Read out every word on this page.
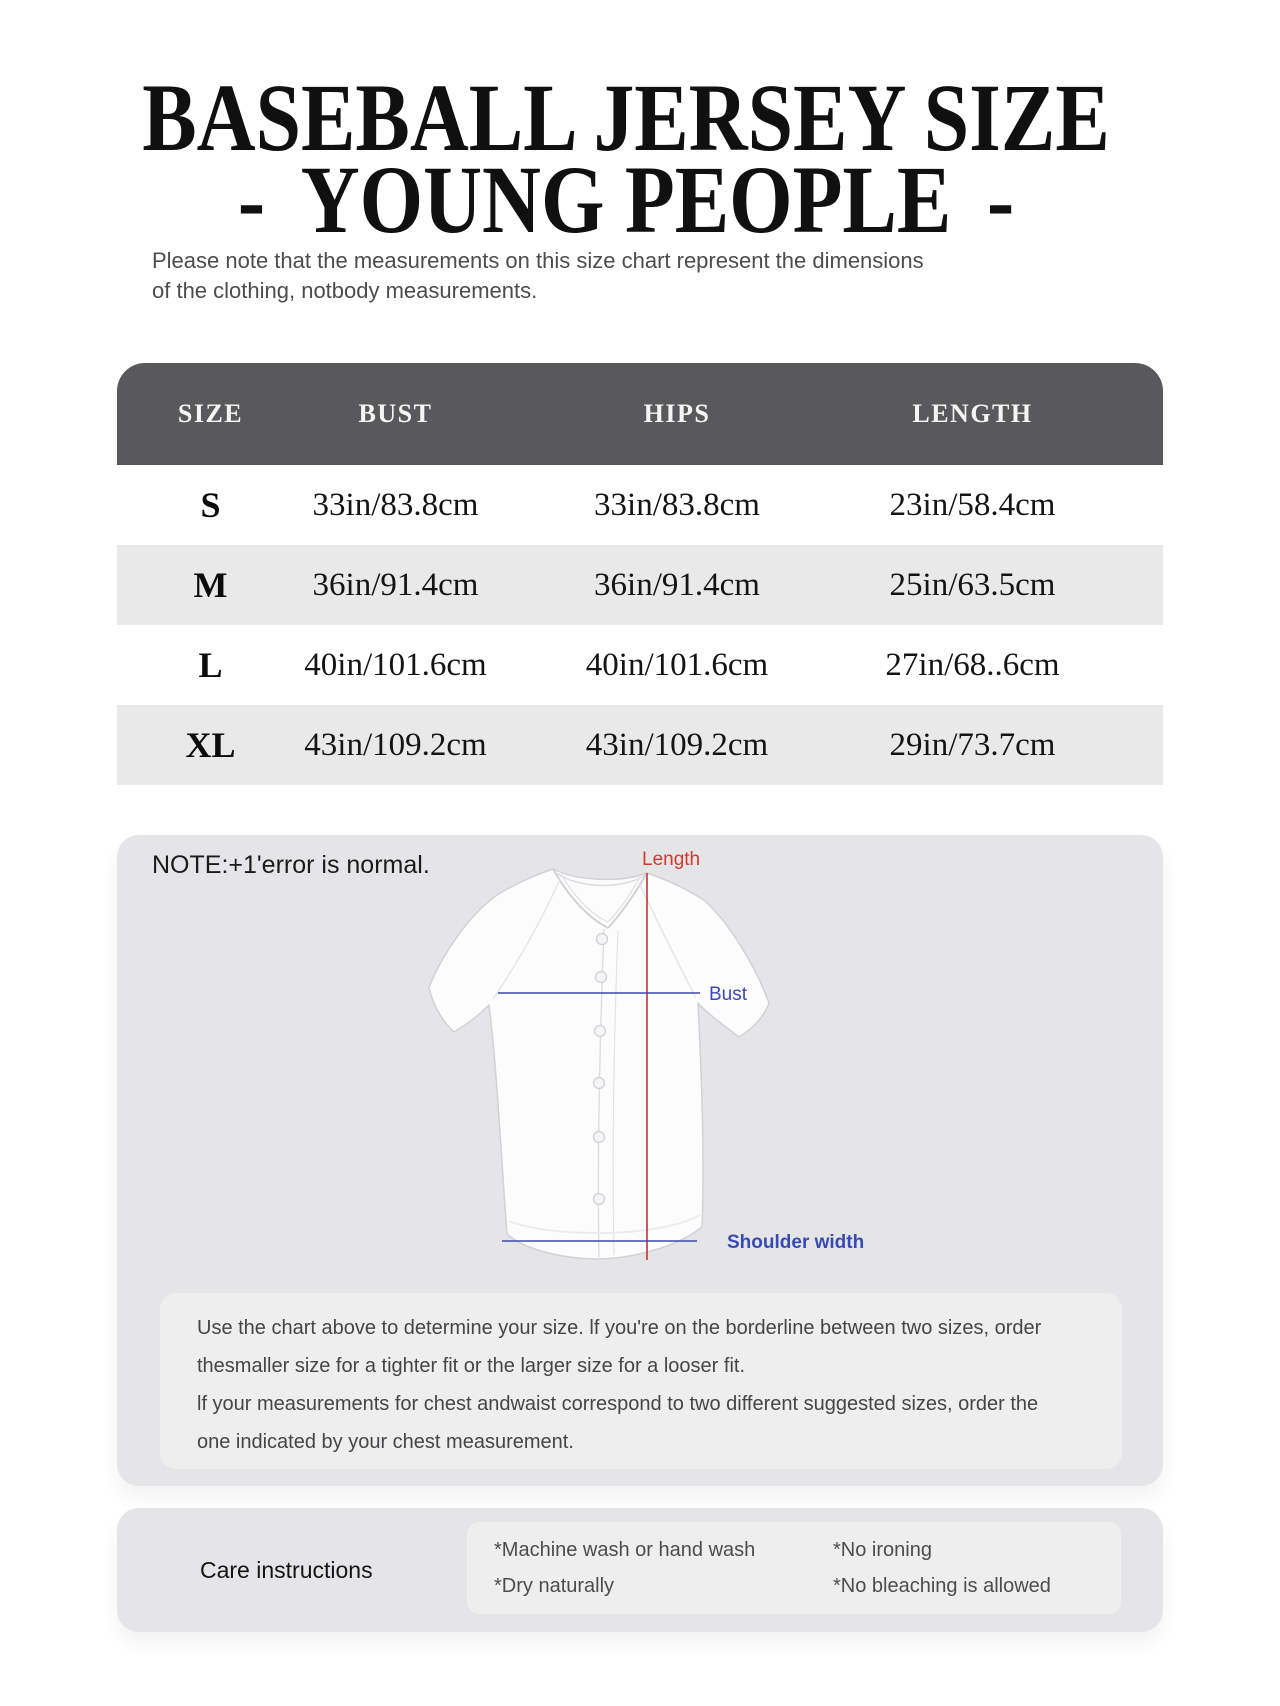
BASEBALL JERSEY SIZE
- YOUNG PEOPLE -
Please note that the measurements on this size chart represent the dimensions
of the clothing, notbody measurements.
SIZE	BUST	HIPS	LENGTH
S	33in/83.8cm	33in/83.8cm	23in/58.4cm
M	36in/91.4cm	36in/91.4cm	25in/63.5cm
L 40in/101.6cm	40in/101.6cm	27in/68..6cm
XL 43in/109.2cm	43in/109.2cm	29in/73.7cm
NOTE:+1'error is normal.	Length
Bust
Shoulder width
Use the chart above to determine your size. lf you're on the borderline between two sizes, order
thesmaller size for a tighter fit or the larger size for a looser fit.
lf your measurements for chest andwaist correspond to two different suggested sizes, order the
one indicated by your chest measurement.
Care instructions
*Machine wash or hand wash
*Dry naturally
*No ironing
*No bleaching is allowed
